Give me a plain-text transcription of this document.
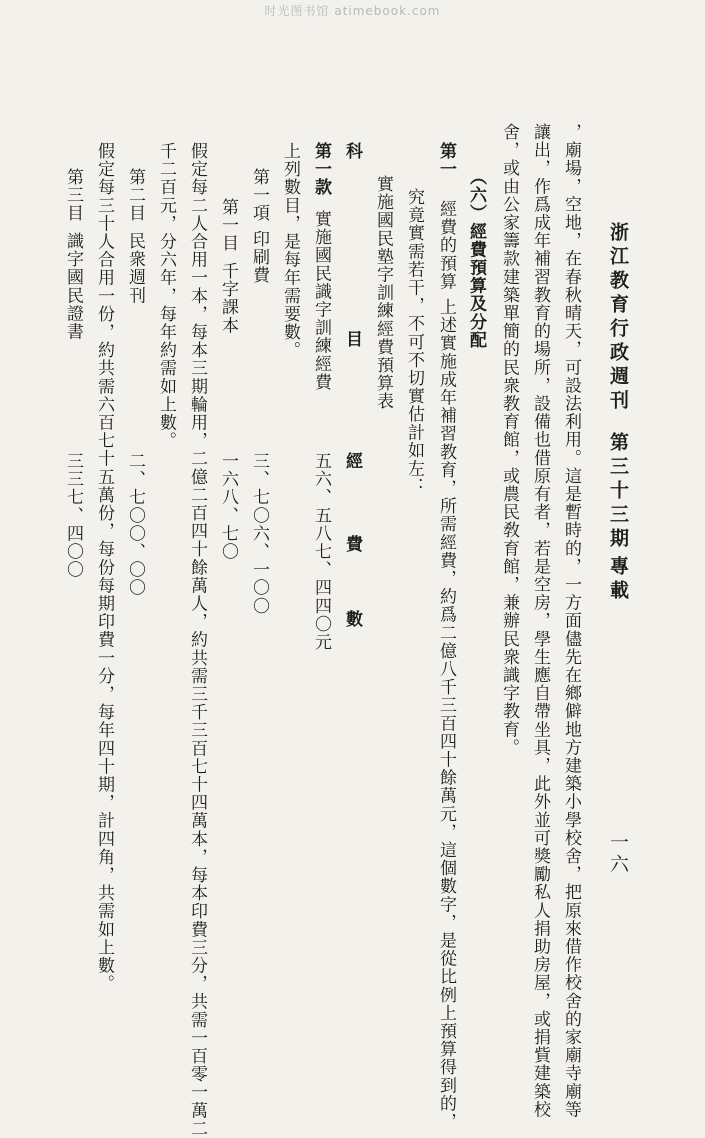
时光图书馆 atimebook.com
浙江教育行政週刊
第三十三期
專載
一六
，廟場，空地，在春秋晴天，可設法利用。這是暫時的，一方面儘先在鄉僻地方建築小學校舍，把原來借作校舍的家廟寺廟等
讓出，作爲成年補習教育的場所，設備也借原有者，若是空房，學生應自帶坐具，此外並可獎勵私人捐助房屋，或捐貲建築校
舍，或由公家籌款建築單簡的民衆教育館，或農民敎育館，兼辦民衆識字教育。
（六）經費預算及分配
第一
經費的預算
上述實施成年補習教育，所需經費，約爲二億八千三百四十餘萬元，這個數字，是從比例上預算得到的，
究竟實需若干，不可不切實估計如左：
實施國民塾字訓練經費預算表
科
目
經
費
數
第一款
實施國民識字訓練經費
五六、五八七、四四〇元
上列數目，是每年需要數。
第一項
印刷費
三、七〇六、一〇〇
第一目
千字課本
一六八、七〇
假定每二人合用一本，每本三期輪用，二億二百四十餘萬人，約共需三千三百七十四萬本，每本印費三分，共需一百零一萬二
千二百元，分六年，每年約需如上數。
第二目
民衆週刊
二、七〇〇、〇〇
假定每三十人合用一份，約共需六百七十五萬份，每份每期印費一分，每年四十期，計四角，共需如上數。
第三目
識字國民證書
三三七、四〇〇
